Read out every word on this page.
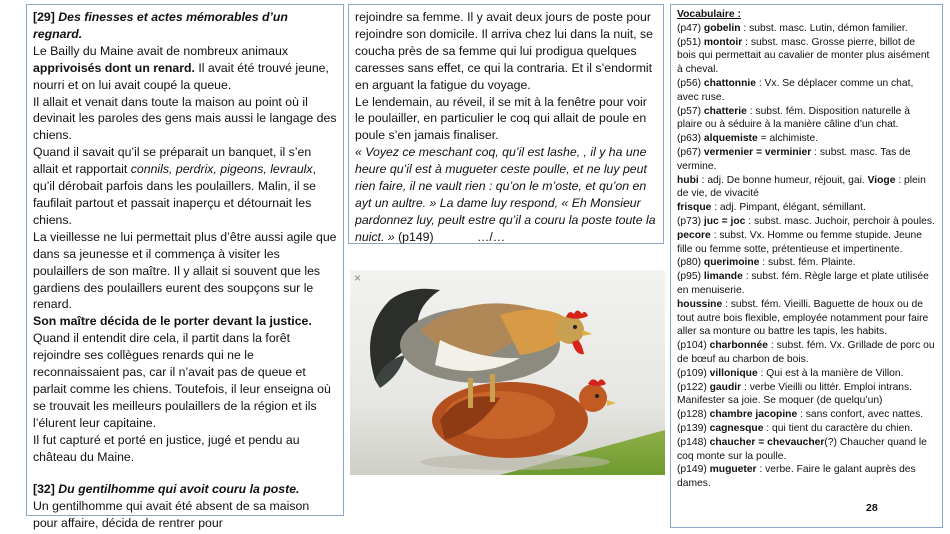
[29] Des finesses et actes mémorables d’un regnard.
Le Bailly du Maine avait de nombreux animaux apprivoisés dont un renard. Il avait été trouvé jeune, nourri et on lui avait coupé la queue.

Il allait et venait dans toute la maison au point où il devinait les paroles des gens mais aussi le langage des chiens.

Quand il savait qu’il se préparait un banquet, il s’en allait et rapportait connils, perdrix, pigeons, levraulx, qu’il dérobait parfois dans les poulaillers. Malin, il se faufilait partout et passait inaperçu et détournait les chiens.

La vieillesse ne lui permettait plus d’être aussi agile que dans sa jeunesse et il commença à visiter les poulaillers de son maître. Il y allait si souvent que les gardiens des poulaillers eurent des soupçons sur le renard.

Son maître décida de le porter devant la justice. Quand il entendit dire cela, il partit dans la forêt rejoindre ses collègues renards qui ne le reconnaissaient pas, car il n’avait pas de queue et parlait comme les chiens. Toutefois, il leur enseigna où se trouvait les meilleurs poulaillers de la région et ils l’élurent leur capitaine.

Il fut capturé et porté en justice, jugé et pendu au château du Maine.

[32] Du gentilhomme qui avoit couru la poste.

Un gentilhomme qui avait été absent de sa maison pour affaire, décida de rentrer pour

rejoindre sa femme. Il y avait deux jours de poste pour rejoindre son domicile. Il arriva chez lui dans la nuit, se coucha près de sa femme qui lui prodigua quelques caresses sans effet, ce qui la contraria. Et il s’endormit en arguant la fatigue du voyage.

Le lendemain, au réveil, il se mit à la fenêtre pour voir le poulailler, en particulier le coq qui allait de poule en poule s’en jamais finaliser.

« Voyez ce meschant coq, qu’il est lashe, , il y ha une heure qu’il est à mugueter ceste poulle, et ne luy peut rien faire, il ne vault rien : qu’on le m’oste, et qu’on en ayt un aultre. » La dame luy respond, « Eh Monsieur pardonnez luy, peult estre qu’il a couru la poste toute la nuict. » (p149)	…/…

×

Vocabulaire :

(p47) gobelin : subst. masc. Lutin, démon familier.

(p51) montoir : subst. masc. Grosse pierre, billot de bois qui permettait au cavalier de monter plus aisément à cheval.

(p56) chattonnie : Vx. Se déplacer comme un chat, avec ruse.

(p57) chatterie : subst. fém. Disposition naturelle à plaire ou à séduire à la manière câline d’un chat.

(p63) alquemiste = alchimiste.

(p67) vermenier = verminier : subst. masc. Tas de vermine.

hubi : adj. De bonne humeur, réjouit, gai. Vioge : plein de vie, de vivacité

frisque : adj. Pimpant, élégant, sémillant.

(p73) juc = joc : subst. masc. Juchoir, perchoir à poules.

pecore : subst. Vx. Homme ou femme stupide. Jeune fille ou femme sotte, prétentieuse et impertinente.

(p80) querimoine : subst. fém. Plainte.

(p95) limande : subst. fém. Règle large et plate utilisée en menuiserie.

houssine : subst. fém. Vieilli. Baguette de houx ou de tout autre bois flexible, employée notamment pour faire aller sa monture ou battre les tapis, les habits.

(p104) charbonnée : subst. fém. Vx. Grillade de porc ou de bœuf au charbon de bois.

(p109) villonique : Qui est à la manière de Villon.

(p122) gaudir : verbe Vieilli ou littér. Emploi intrans. Manifester sa joie. Se moquer (de quelqu’un)

(p128) chambre jacopine : sans confort, avec nattes.

(p139) cagnesque : qui tient du caractère du chien.

(p148) chaucher = chevaucher(?) Chaucher quand le coq monte sur la poulle.

(p149) mugueter : verbe. Faire le galant auprès des dames.

28
